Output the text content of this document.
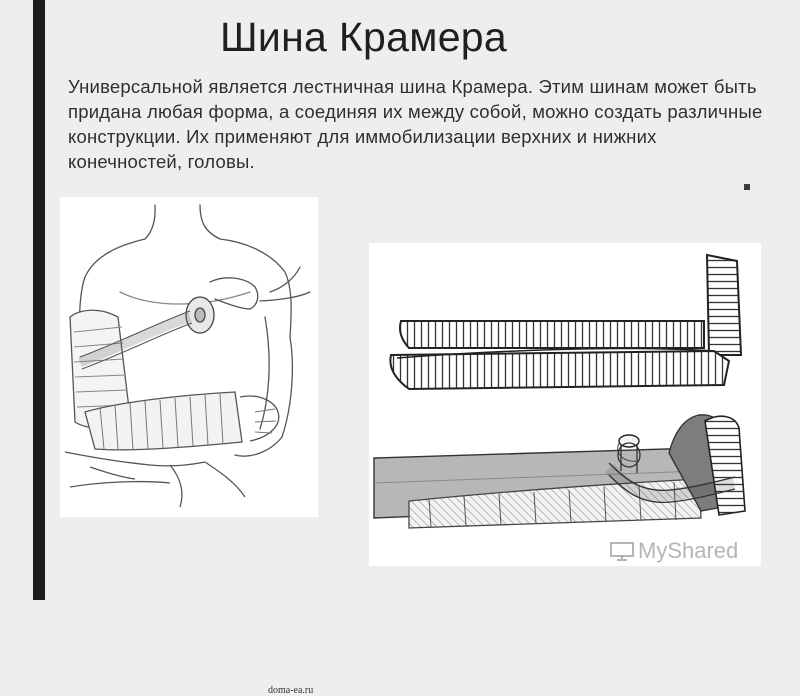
Шина Крамера

Универсальной является лестничная шина Крамера. Этим шинам может быть придана любая форма, а соединяя их между собой, можно создать различные конструкции. Их применяют для иммобилизации верхних и нижних конечностей, головы.

doma-ea.ru
MyShared
